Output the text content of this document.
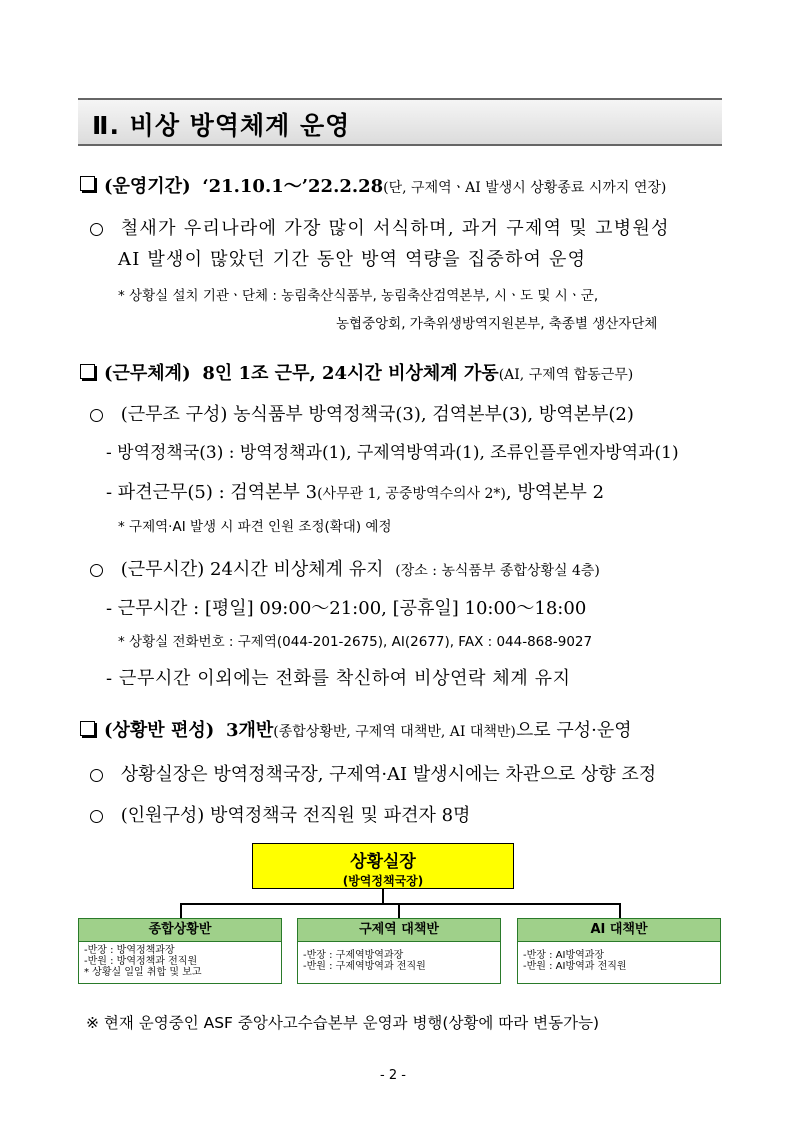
Ⅱ. 비상 방역체계 운영
(운영기간) ‘21.10.1～’22.2.28(단, 구제역ㆍAI 발생시 상황종료 시까지 연장)
철새가 우리나라에 가장 많이 서식하며, 과거 구제역 및 고병원성
AI 발생이 많았던 기간 동안 방역 역량을 집중하여 운영
* 상황실 설치 기관ㆍ단체 : 농림축산식품부, 농림축산검역본부, 시ㆍ도 및 시ㆍ군,
농협중앙회, 가축위생방역지원본부, 축종별 생산자단체
(근무체계) 8인 1조 근무, 24시간 비상체계 가동(AI, 구제역 합동근무)
(근무조 구성) 농식품부 방역정책국(3), 검역본부(3), 방역본부(2)
- 방역정책국(3) : 방역정책과(1), 구제역방역과(1), 조류인플루엔자방역과(1)
- 파견근무(5) : 검역본부 3(사무관 1, 공중방역수의사 2*), 방역본부 2
* 구제역·AI 발생 시 파견 인원 조정(확대) 예정
(근무시간) 24시간 비상체계 유지 (장소 : 농식품부 종합상황실 4층)
- 근무시간 : [평일] 09:00～21:00, [공휴일] 10:00～18:00
* 상황실 전화번호 : 구제역(044-201-2675), AI(2677), FAX : 044-868-9027
- 근무시간 이외에는 전화를 착신하여 비상연락 체계 유지
(상황반 편성) 3개반(종합상황반, 구제역 대책반, AI 대책반)으로 구성·운영
상황실장은 방역정책국장, 구제역·AI 발생시에는 차관으로 상향 조정
(인원구성) 방역정책국 전직원 및 파견자 8명
상황실장
(방역정책국장)
종합상황반
-반장 : 방역정책과장
-반원 : 방역정책과 전직원
* 상황실 일일 취합 및 보고
구제역 대책반
-반장 : 구제역방역과장
-반원 : 구제역방역과 전직원
AI 대책반
-반장 : AI방역과장
-반원 : AI방역과 전직원
※ 현재 운영중인 ASF 중앙사고수습본부 운영과 병행(상황에 따라 변동가능)
- 2 -
